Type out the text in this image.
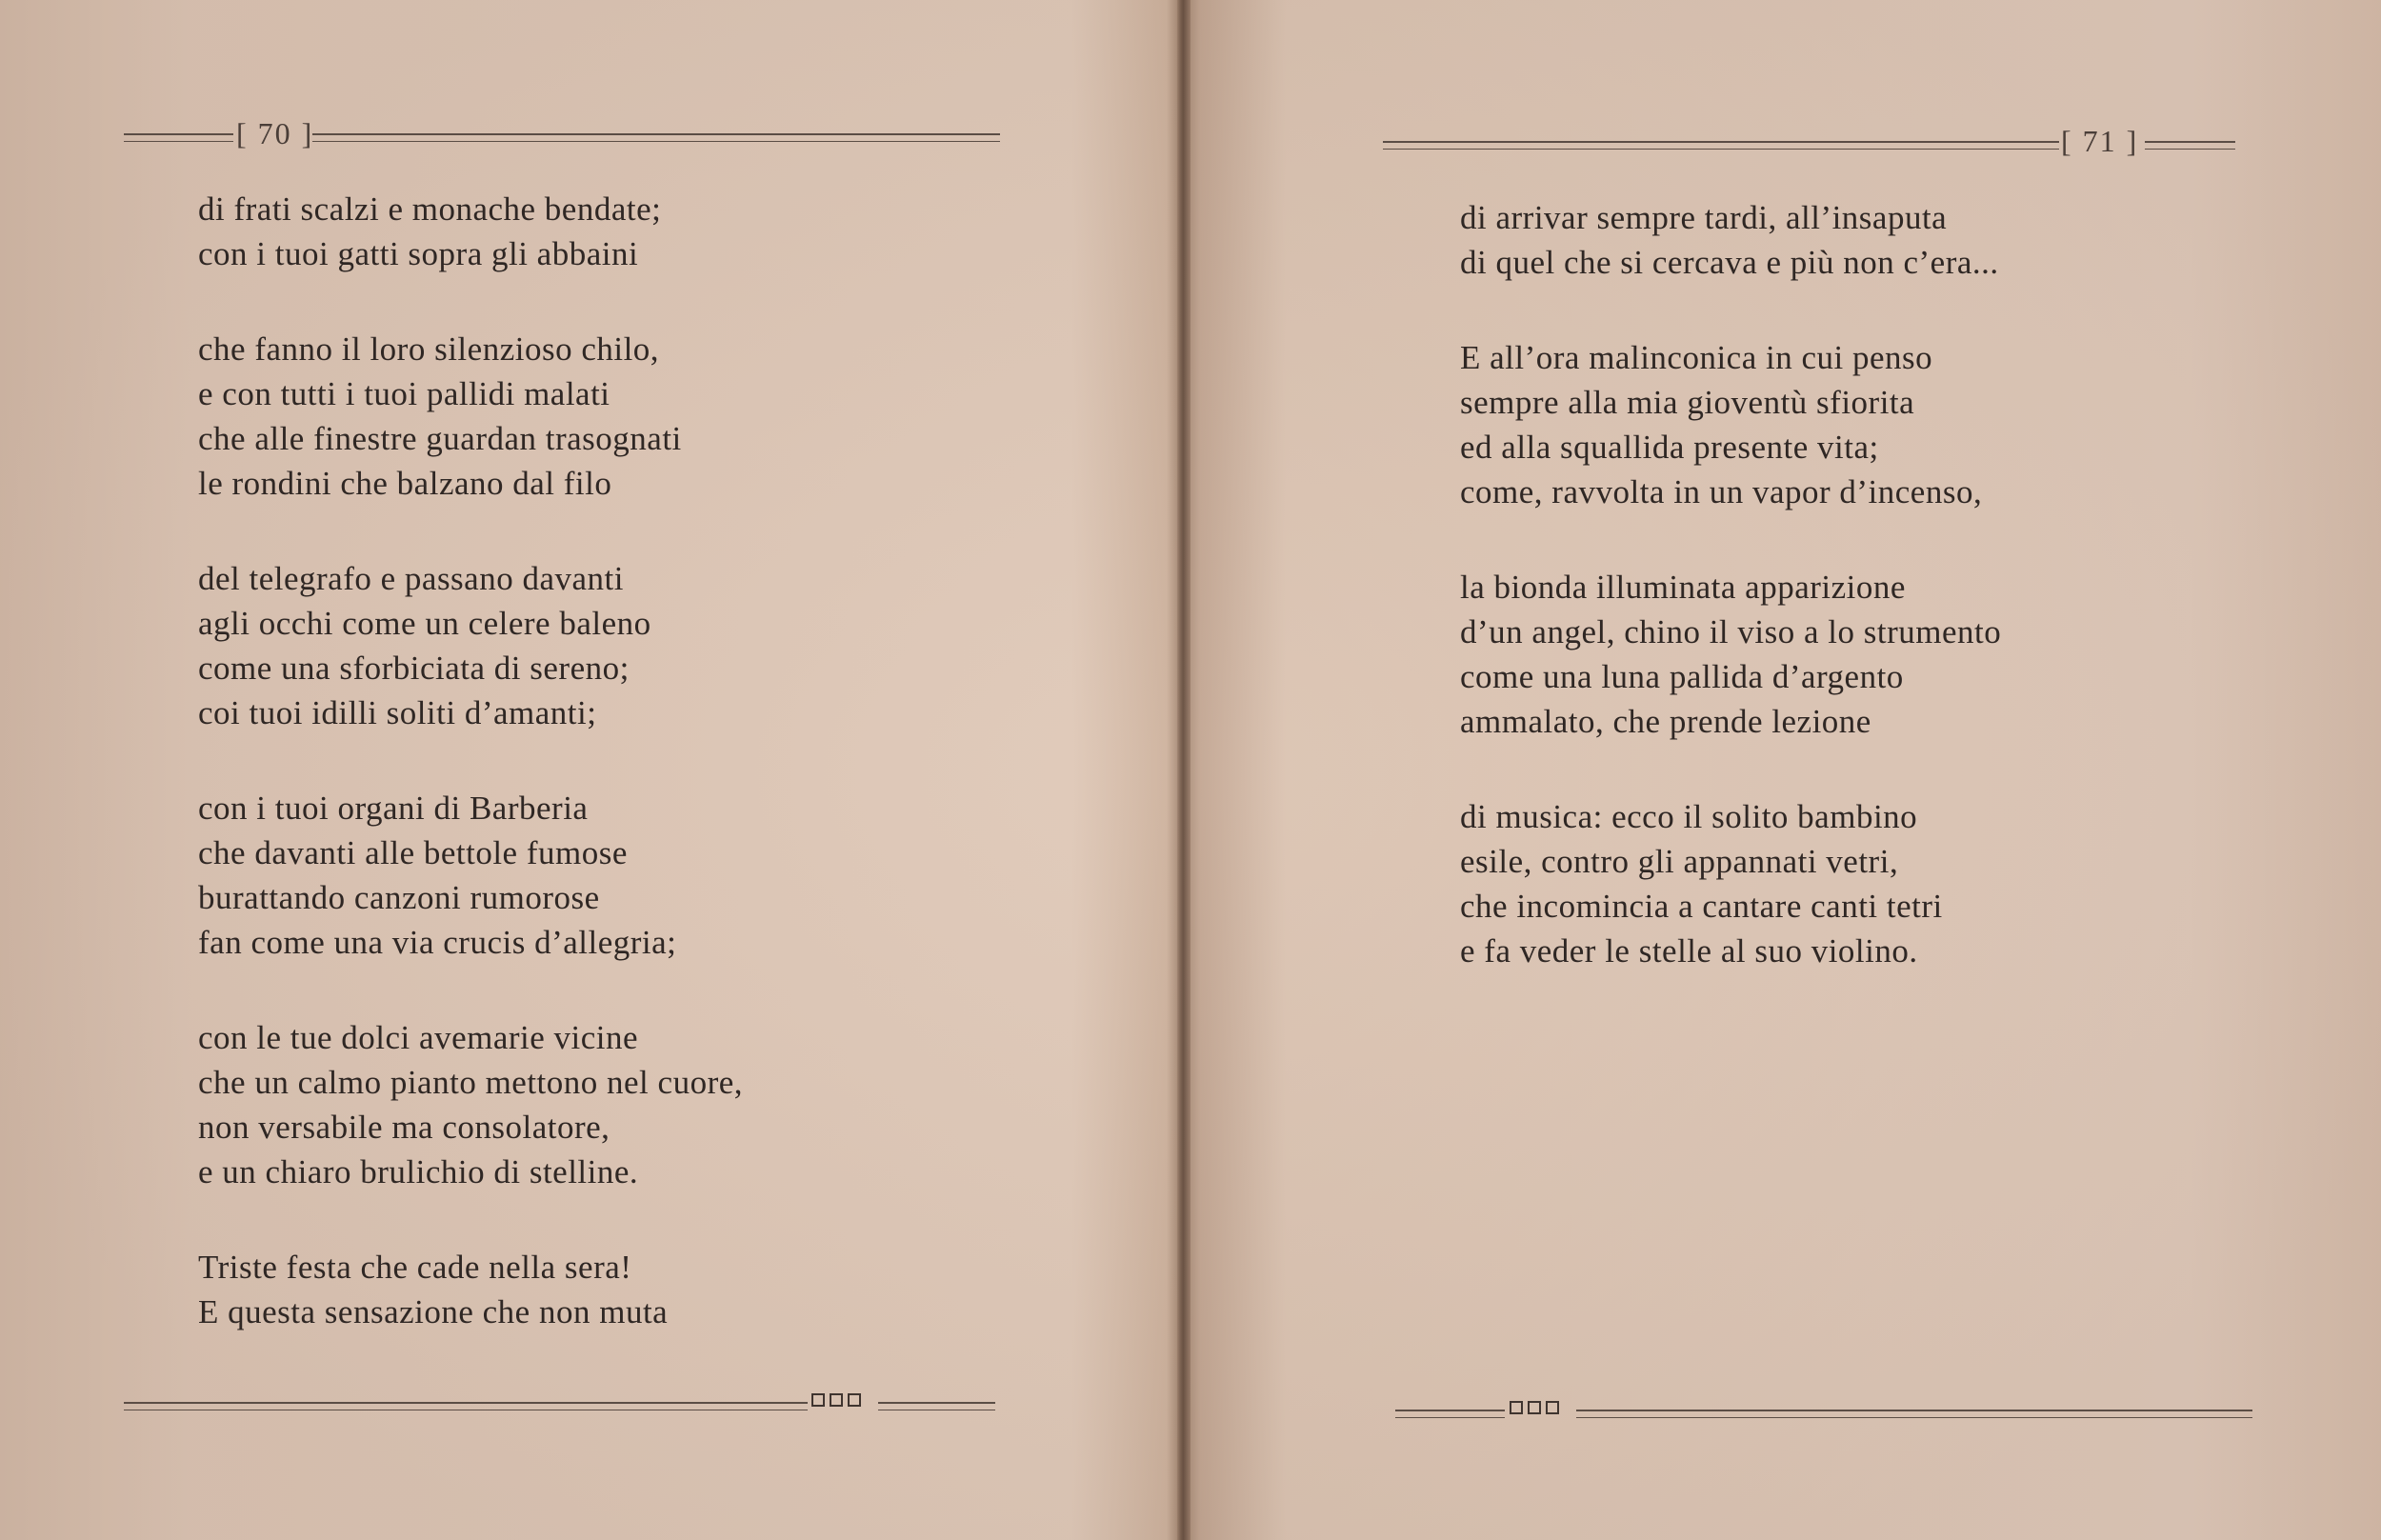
[ 70 ]
di frati scalzi e monache bendate;
con i tuoi gatti sopra gli abbaini
che fanno il loro silenzioso chilo,
e con tutti i tuoi pallidi malati
che alle finestre guardan trasognati
le rondini che balzano dal filo
del telegrafo e passano davanti
agli occhi come un celere baleno
come una sforbiciata di sereno;
coi tuoi idilli soliti d’amanti;
con i tuoi organi di Barberia
che davanti alle bettole fumose
burattando canzoni rumorose
fan come una via crucis d’allegria;
con le tue dolci avemarie vicine
che un calmo pianto mettono nel cuore,
non versabile ma consolatore,
e un chiaro brulichio di stelline.
Triste festa che cade nella sera!
E questa sensazione che non muta
[ 71 ]
di arrivar sempre tardi, all’insaputa
di quel che si cercava e più non c’era...
E all’ora malinconica in cui penso
sempre alla mia gioventù sfiorita
ed alla squallida presente vita;
come, ravvolta in un vapor d’incenso,
la bionda illuminata apparizione
d’un angel, chino il viso a lo strumento
come una luna pallida d’argento
ammalato, che prende lezione
di musica: ecco il solito bambino
esile, contro gli appannati vetri,
che incomincia a cantare canti tetri
e fa veder le stelle al suo violino.
